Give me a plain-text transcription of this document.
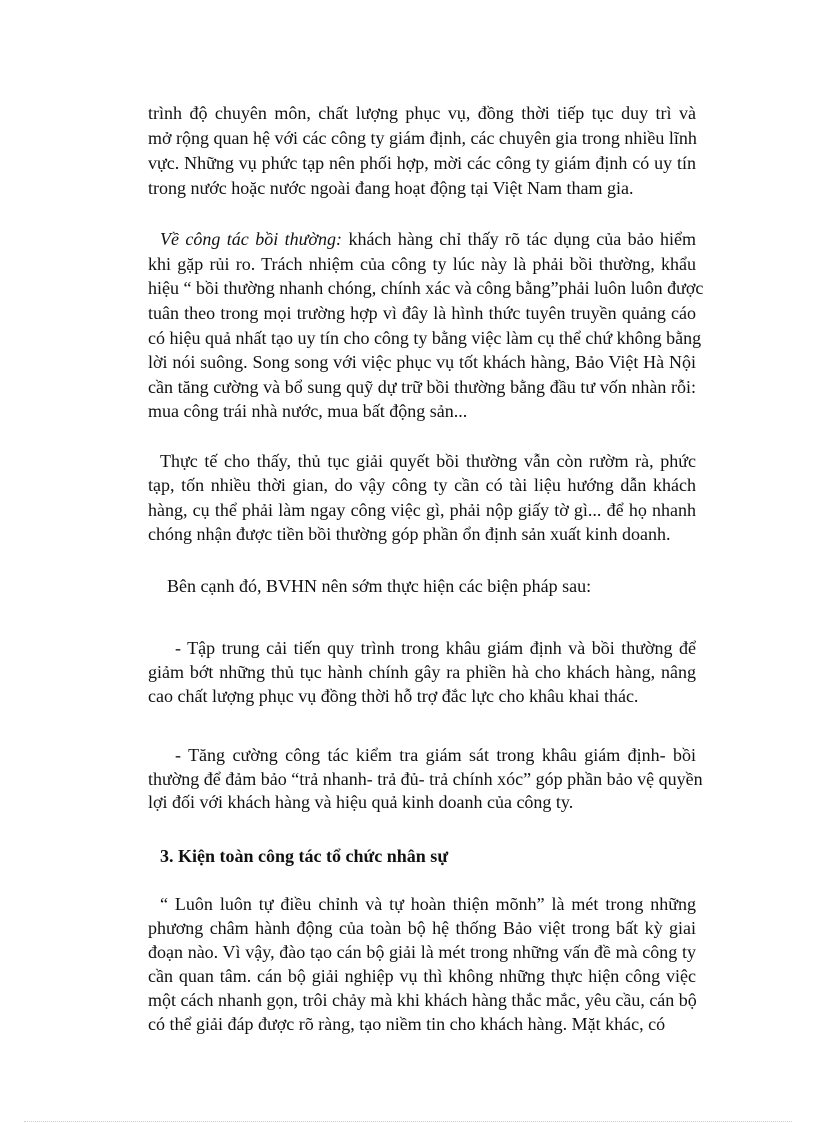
trình độ chuyên môn, chất lượng phục vụ, đồng thời tiếp tục duy trì và
mở rộng quan hệ với các công ty giám định, các chuyên gia trong nhiều lĩnh
vực. Những vụ phức tạp nên phối hợp, mời các công ty giám định có uy tín
trong nước hoặc nước ngoài đang hoạt động tại Việt Nam tham gia.
Về công tác bồi thường: khách hàng chỉ thấy rõ tác dụng của bảo hiểm
khi gặp rủi ro. Trách nhiệm của công ty lúc này là phải bồi thường, khẩu
hiệu “ bồi thường nhanh chóng, chính xác và công bằng”phải luôn luôn được
tuân theo trong mọi trường hợp vì đây là hình thức tuyên truyền quảng cáo
có hiệu quả nhất tạo uy tín cho công ty bằng việc làm cụ thể chứ không bằng
lời nói suông. Song song với việc phục vụ tốt khách hàng, Bảo Việt Hà Nội
cần tăng cường và bổ sung quỹ dự trữ bồi thường bằng đầu tư vốn nhàn rỗi:
mua công trái nhà nước, mua bất động sản...
Thực tế cho thấy, thủ tục giải quyết bồi thường vẫn còn rườm rà, phức
tạp, tốn nhiều thời gian, do vậy công ty cần có tài liệu hướng dẫn khách
hàng, cụ thể phải làm ngay công việc gì, phải nộp giấy tờ gì... để họ nhanh
chóng nhận được tiền bồi thường góp phần ổn định sản xuất kinh doanh.
Bên cạnh đó, BVHN nên sớm thực hiện các biện pháp sau:
- Tập trung cải tiến quy trình trong khâu giám định và bồi thường để
giảm bớt những thủ tục hành chính gây ra phiền hà cho khách hàng, nâng
cao chất lượng phục vụ đồng thời hỗ trợ đắc lực cho khâu khai thác.
- Tăng cường công tác kiểm tra giám sát trong khâu giám định- bồi
thường để đảm bảo “trả nhanh- trả đủ- trả chính xóc” góp phần bảo vệ quyền
lợi đối với khách hàng và hiệu quả kinh doanh của công ty.
3. Kiện toàn công tác tổ chức nhân sự
“ Luôn luôn tự điều chỉnh và tự hoàn thiện mõnh” là mét trong những
phương châm hành động của toàn bộ hệ thống Bảo việt trong bất kỳ giai
đoạn nào. Vì vậy, đào tạo cán bộ giải là mét trong những vấn đề mà công ty
cần quan tâm. cán bộ giải nghiệp vụ thì không những thực hiện công việc
một cách nhanh gọn, trôi chảy mà khi khách hàng thắc mắc, yêu cầu, cán bộ
có thể giải đáp được rõ ràng, tạo niềm tin cho khách hàng. Mặt khác, có
